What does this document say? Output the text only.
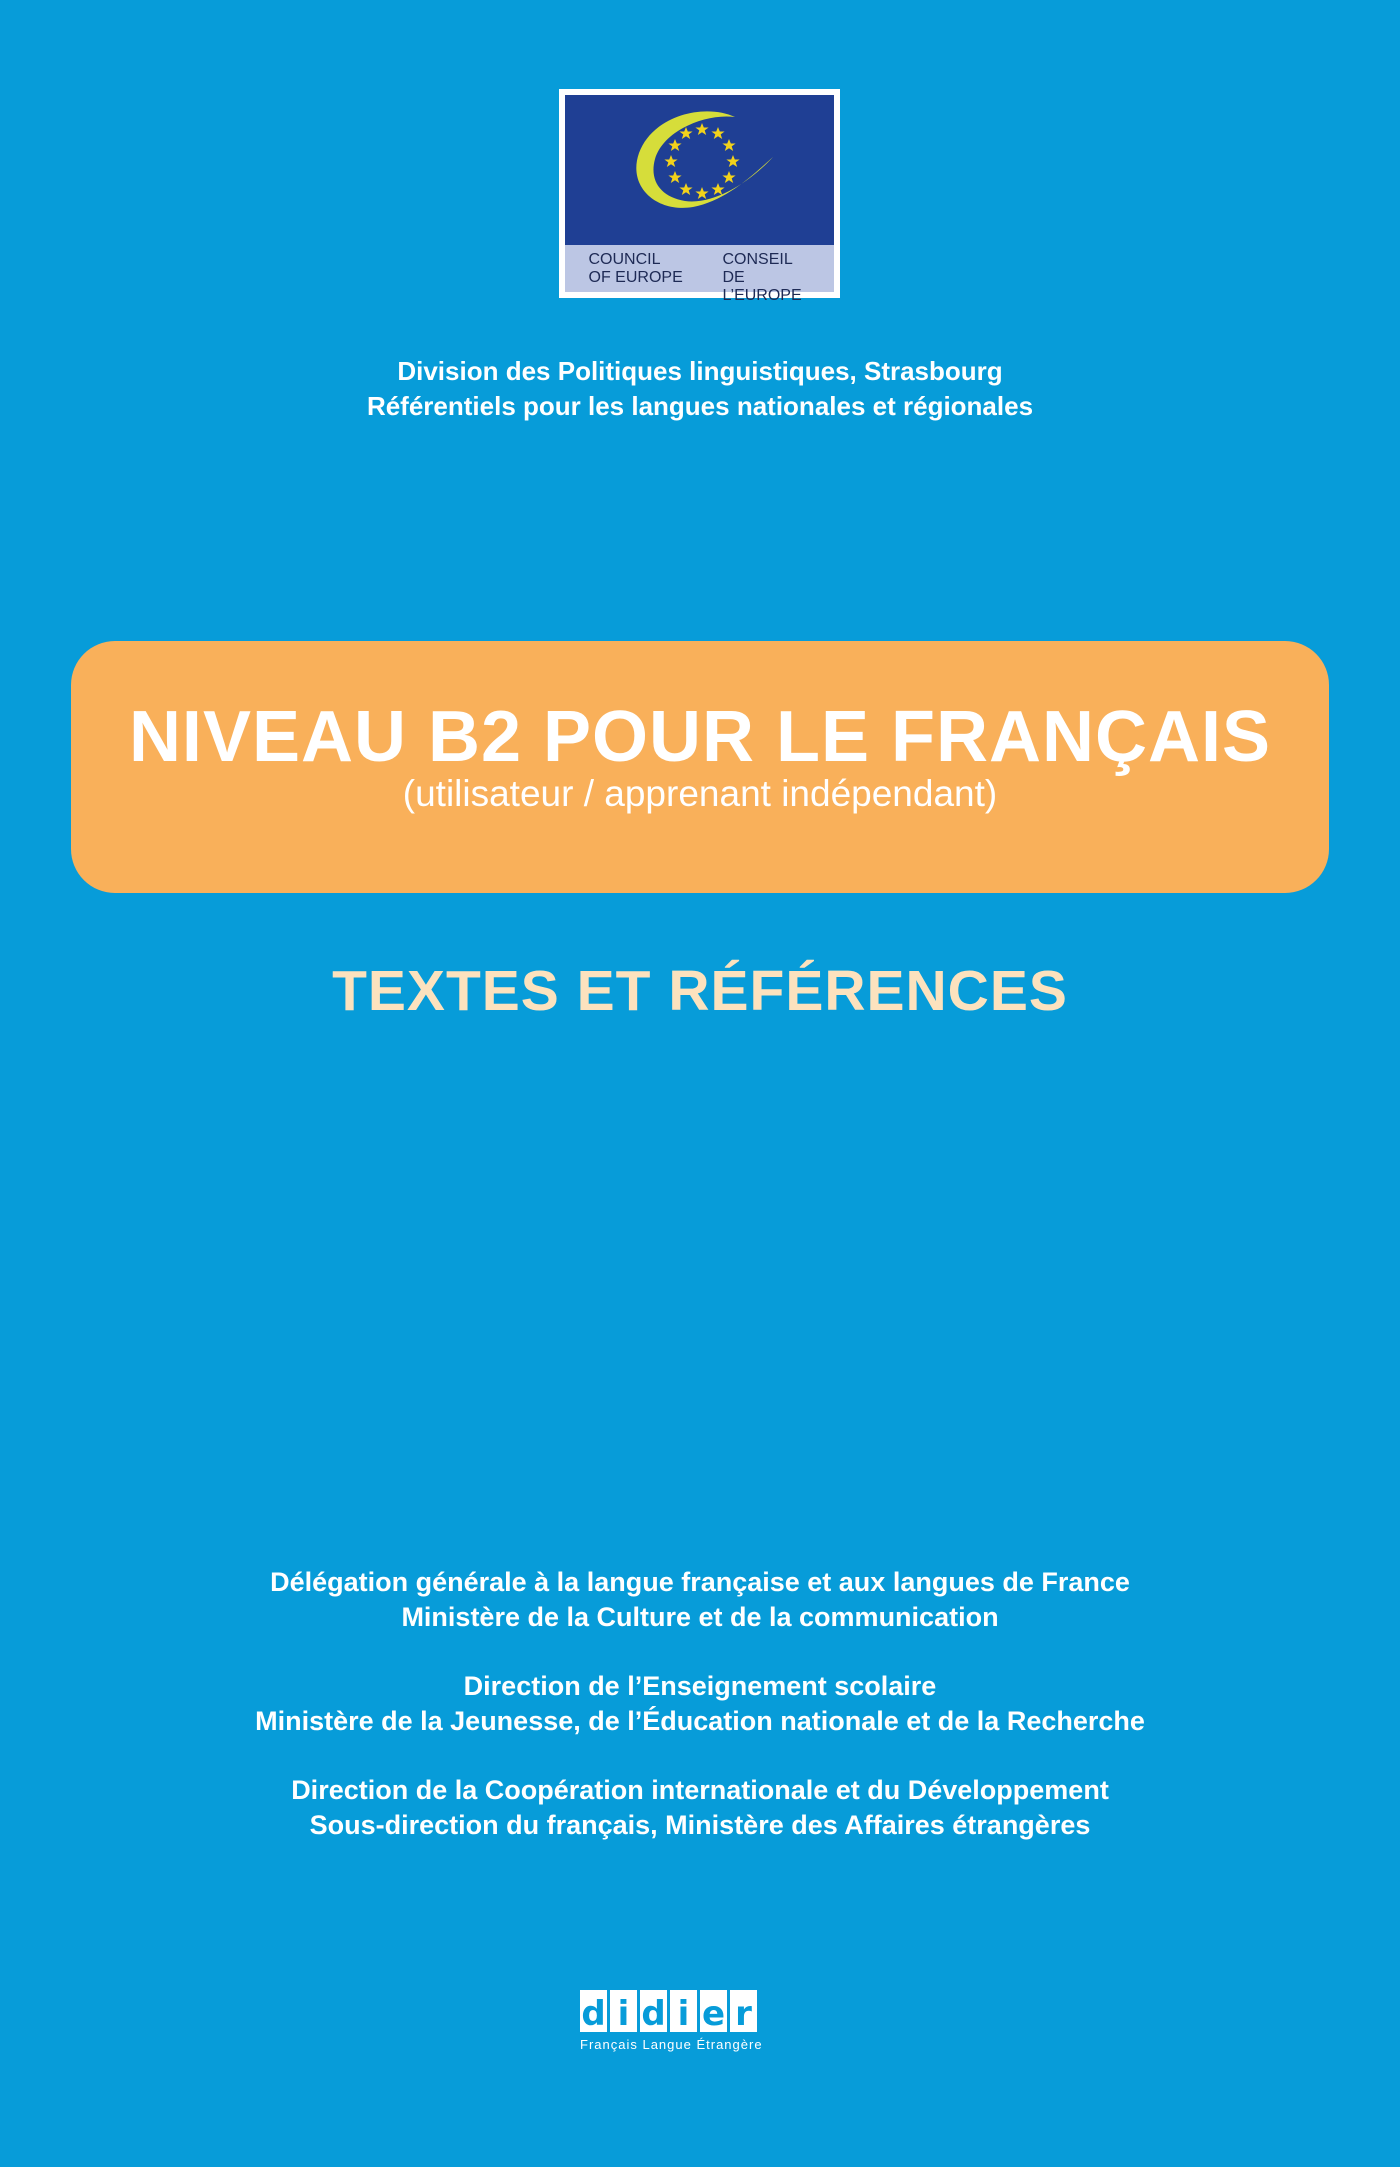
COUNCIL
OF EUROPE
CONSEIL
DE L’EUROPE
Division des Politiques linguistiques, Strasbourg
Référentiels pour les langues nationales et régionales
NIVEAU B2 POUR LE FRANÇAIS
(utilisateur / apprenant indépendant)
TEXTES ET RÉFÉRENCES
Délégation générale à la langue française et aux langues de France
Ministère de la Culture et de la communication
Direction de l’Enseignement scolaire
Ministère de la Jeunesse, de l’Éducation nationale et de la Recherche
Direction de la Coopération internationale et du Développement
Sous-direction du français, Ministère des Affaires étrangères
d i d i e r
Français Langue Étrangère
